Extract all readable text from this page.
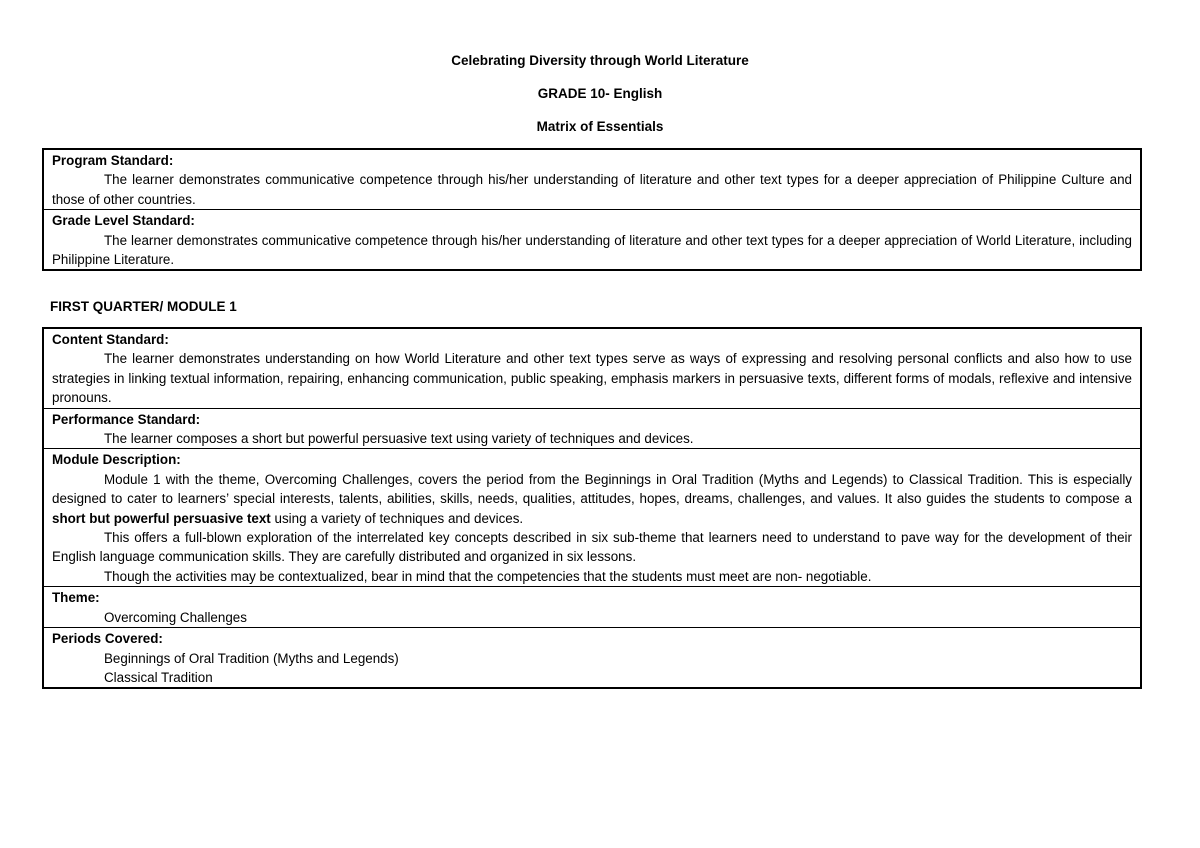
Celebrating Diversity through World Literature
GRADE 10- English
Matrix of Essentials
Program Standard:

The learner demonstrates communicative competence through his/her understanding of literature and other text types for a deeper appreciation of Philippine Culture and those of other countries.

Grade Level Standard:

The learner demonstrates communicative competence through his/her understanding of literature and other text types for a deeper appreciation of World Literature, including Philippine Literature.

FIRST QUARTER/ MODULE 1
Content Standard:

The learner demonstrates understanding on how World Literature and other text types serve as ways of expressing and resolving personal conflicts and also how to use strategies in linking textual information, repairing, enhancing communication, public speaking, emphasis markers in persuasive texts, different forms of modals, reflexive and intensive pronouns.

Performance Standard:

The learner composes a short but powerful persuasive text using variety of techniques and devices.

Module Description:

Module 1 with the theme, Overcoming Challenges, covers the period from the Beginnings in Oral Tradition (Myths and Legends) to Classical Tradition. This is especially designed to cater to learners’ special interests, talents, abilities, skills, needs, qualities, attitudes, hopes, dreams, challenges, and values. It also guides the students to compose a short but powerful persuasive text using a variety of techniques and devices.

This offers a full-blown exploration of the interrelated key concepts described in six sub-theme that learners need to understand to pave way for the development of their English language communication skills. They are carefully distributed and organized in six lessons.

Though the activities may be contextualized, bear in mind that the competencies that the students must meet are non- negotiable.

Theme:

Overcoming Challenges

Periods Covered:

Beginnings of Oral Tradition (Myths and Legends)

Classical Tradition
